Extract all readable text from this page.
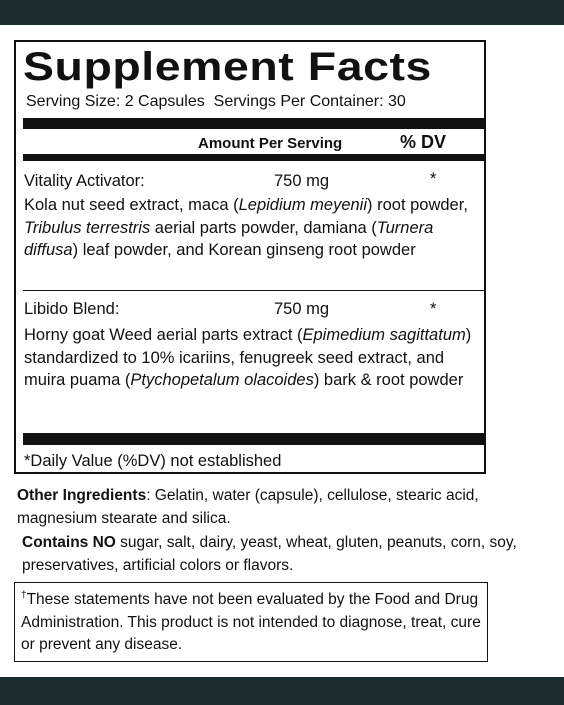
Supplement Facts
Serving Size: 2 Capsules Servings Per Container: 30
Amount Per Serving	% DV
Vitality Activator:	750 mg	*
Kola nut seed extract, maca (Lepidium meyenii) root powder, Tribulus terrestris aerial parts powder, damiana (Turnera diffusa) leaf powder, and Korean ginseng root powder
Libido Blend:	750 mg	*
Horny goat Weed aerial parts extract (Epimedium sagittatum) standardized to 10% icariins, fenugreek seed extract, and muira puama (Ptychopetalum olacoides) bark & root powder
*Daily Value (%DV) not established
Other Ingredients: Gelatin, water (capsule), cellulose, stearic acid, magnesium stearate and silica.
Contains NO sugar, salt, dairy, yeast, wheat, gluten, peanuts, corn, soy, preservatives, artificial colors or flavors.
†These statements have not been evaluated by the Food and Drug Administration. This product is not intended to diagnose, treat, cure or prevent any disease.
